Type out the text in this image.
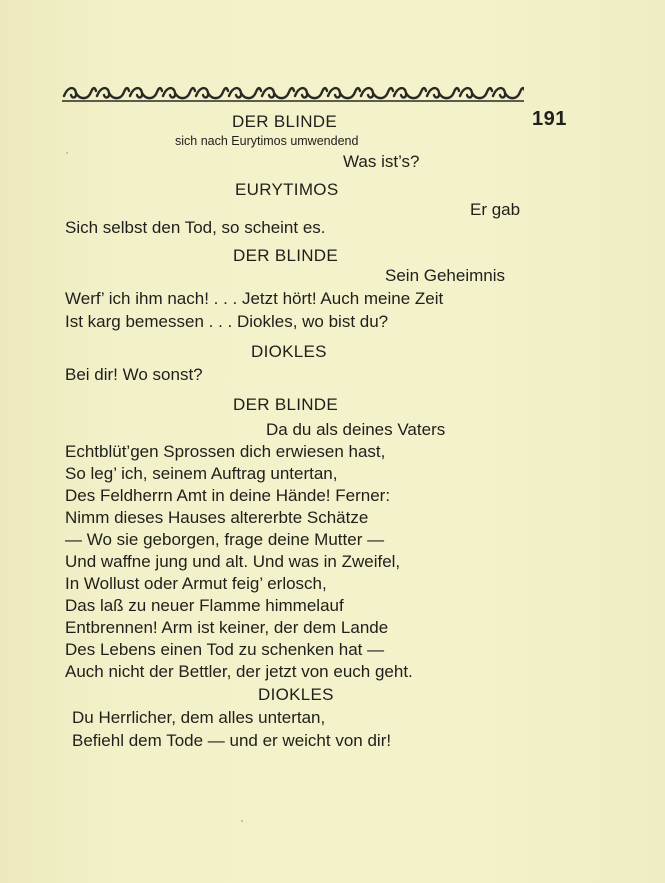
191
DER BLINDE
sich nach Eurytimos umwendend
Was ist’s?
EURYTIMOS
Er gab
Sich selbst den Tod, so scheint es.
DER BLINDE
Sein Geheimnis
Werf’ ich ihm nach! . . . Jetzt hört! Auch meine Zeit
Ist karg bemessen . . . Diokles, wo bist du?
DIOKLES
Bei dir! Wo sonst?
DER BLINDE
Da du als deines Vaters
Echtblüt’gen Sprossen dich erwiesen hast,
So leg’ ich, seinem Auftrag untertan,
Des Feldherrn Amt in deine Hände! Ferner:
Nimm dieses Hauses altererbte Schätze
— Wo sie geborgen, frage deine Mutter —
Und waffne jung und alt. Und was in Zweifel,
In Wollust oder Armut feig’ erlosch,
Das laß zu neuer Flamme himmelauf
Entbrennen! Arm ist keiner, der dem Lande
Des Lebens einen Tod zu schenken hat —
Auch nicht der Bettler, der jetzt von euch geht.
DIOKLES
Du Herrlicher, dem alles untertan,
Befiehl dem Tode — und er weicht von dir!
